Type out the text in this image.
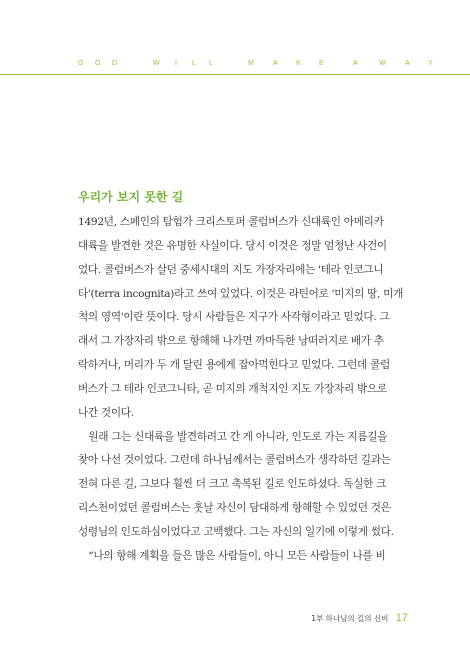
G O D	W I L L	M A K E	A W A Y
우리가 보지 못한 길
1492년, 스페인의 탐험가 크리스토퍼 콜럼버스가 신대륙인 아메리카
대륙을 발견한 것은 유명한 사실이다. 당시 이것은 정말 엄청난 사건이
었다. 콜럼버스가 살던 중세시대의 지도 가장자리에는 '테라 인코그니
타'(terra incognita)라고 쓰여 있었다. 이것은 라틴어로 '미지의 땅, 미개
척의 영역'이란 뜻이다. 당시 사람들은 지구가 사각형이라고 믿었다. 그
래서 그 가장자리 밖으로 항해해 나가면 까마득한 낭떠러지로 배가 추
락하거나, 머리가 두 개 달린 용에게 잡아먹힌다고 믿었다. 그런데 콜럼
버스가 그 테라 인코그니타, 곧 미지의 개척지인 지도 가장자리 밖으로
나간 것이다.
　원래 그는 신대륙을 발견하려고 간 게 아니라, 인도로 가는 지름길을
찾아 나선 것이었다. 그런데 하나님께서는 콜럼버스가 생각하던 길과는
전혀 다른 길, 그보다 훨씬 더 크고 축복된 길로 인도하셨다. 독실한 크
리스천이었던 콜럼버스는 훗날 자신이 담대하게 항해할 수 있었던 것은
성령님의 인도하심이었다고 고백했다. 그는 자신의 일기에 이렇게 썼다.
　“나의 항해 계획을 들은 많은 사람들이, 아니 모든 사람들이 나를 비
1부 하나님의 길의 신비 17
